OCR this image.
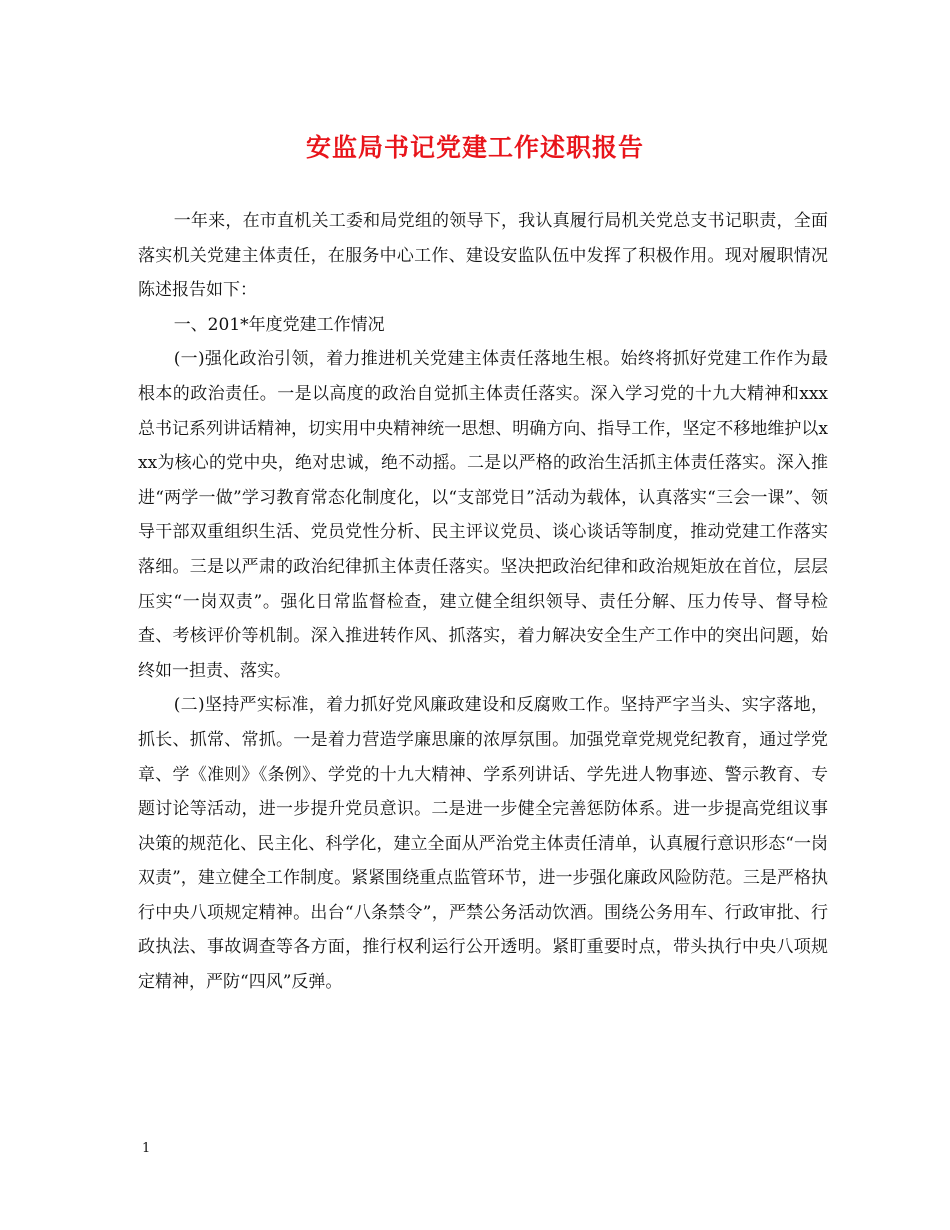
安监局书记党建工作述职报告

一年来，在市直机关工委和局党组的领导下，我认真履行局机关党总支书记职责，全面落实机关党建主体责任，在服务中心工作、建设安监队伍中发挥了积极作用。现对履职情况陈述报告如下：

一、201*年度党建工作情况

(一)强化政治引领，着力推进机关党建主体责任落地生根。始终将抓好党建工作作为最根本的政治责任。一是以高度的政治自觉抓主体责任落实。深入学习党的十九大精神和xxx总书记系列讲话精神，切实用中央精神统一思想、明确方向、指导工作，坚定不移地维护以xxx为核心的党中央，绝对忠诚，绝不动摇。二是以严格的政治生活抓主体责任落实。深入推进“两学一做”学习教育常态化制度化，以“支部党日”活动为载体，认真落实“三会一课”、领导干部双重组织生活、党员党性分析、民主评议党员、谈心谈话等制度，推动党建工作落实落细。三是以严肃的政治纪律抓主体责任落实。坚决把政治纪律和政治规矩放在首位，层层压实“一岗双责”。强化日常监督检查，建立健全组织领导、责任分解、压力传导、督导检查、考核评价等机制。深入推进转作风、抓落实，着力解决安全生产工作中的突出问题，始终如一担责、落实。

(二)坚持严实标准，着力抓好党风廉政建设和反腐败工作。坚持严字当头、实字落地，抓长、抓常、常抓。一是着力营造学廉思廉的浓厚氛围。加强党章党规党纪教育，通过学党章、学《准则》《条例》、学党的十九大精神、学系列讲话、学先进人物事迹、警示教育、专题讨论等活动，进一步提升党员意识。二是进一步健全完善惩防体系。进一步提高党组议事决策的规范化、民主化、科学化，建立全面从严治党主体责任清单，认真履行意识形态“一岗双责”，建立健全工作制度。紧紧围绕重点监管环节，进一步强化廉政风险防范。三是严格执行中央八项规定精神。出台“八条禁令”，严禁公务活动饮酒。围绕公务用车、行政审批、行政执法、事故调查等各方面，推行权利运行公开透明。紧盯重要时点，带头执行中央八项规定精神，严防“四风”反弹。

1
